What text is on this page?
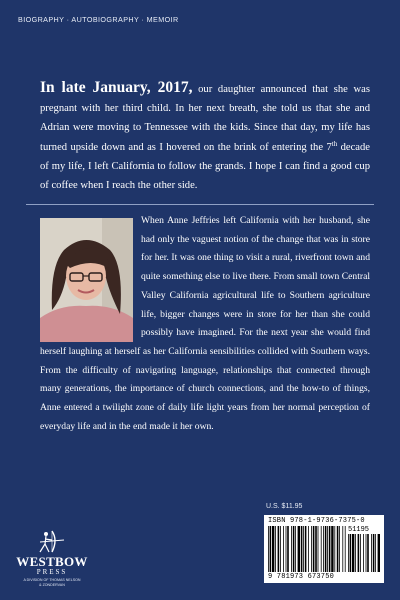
BIOGRAPHY · AUTOBIOGRAPHY · MEMOIR
In late January, 2017, our daughter announced that she was pregnant with her third child. In her next breath, she told us that she and Adrian were moving to Tennessee with the kids. Since that day, my life has turned upside down and as I hovered on the brink of entering the 7th decade of my life, I left California to follow the grands. I hope I can find a good cup of coffee when I reach the other side.
When Anne Jeffries left California with her husband, she had only the vaguest notion of the change that was in store for her. It was one thing to visit a rural, riverfront town and quite something else to live there. From small town Central Valley California agricultural life to Southern agriculture life, bigger changes were in store for her than she could possibly have imagined. For the next year she would find herself laughing at herself as her California sensibilities collided with Southern ways. From the difficulty of navigating language, relationships that connected through many generations, the importance of church connections, and the how-to of things, Anne entered a twilight zone of daily life light years from her normal perception of everyday life and in the end made it her own.
U.S. $11.95
ISBN 978-1-9736-7375-0
51195
9 781973 673750
WESTBOW
PRESS
A DIVISION OF THOMAS NELSON
& ZONDERVAN
